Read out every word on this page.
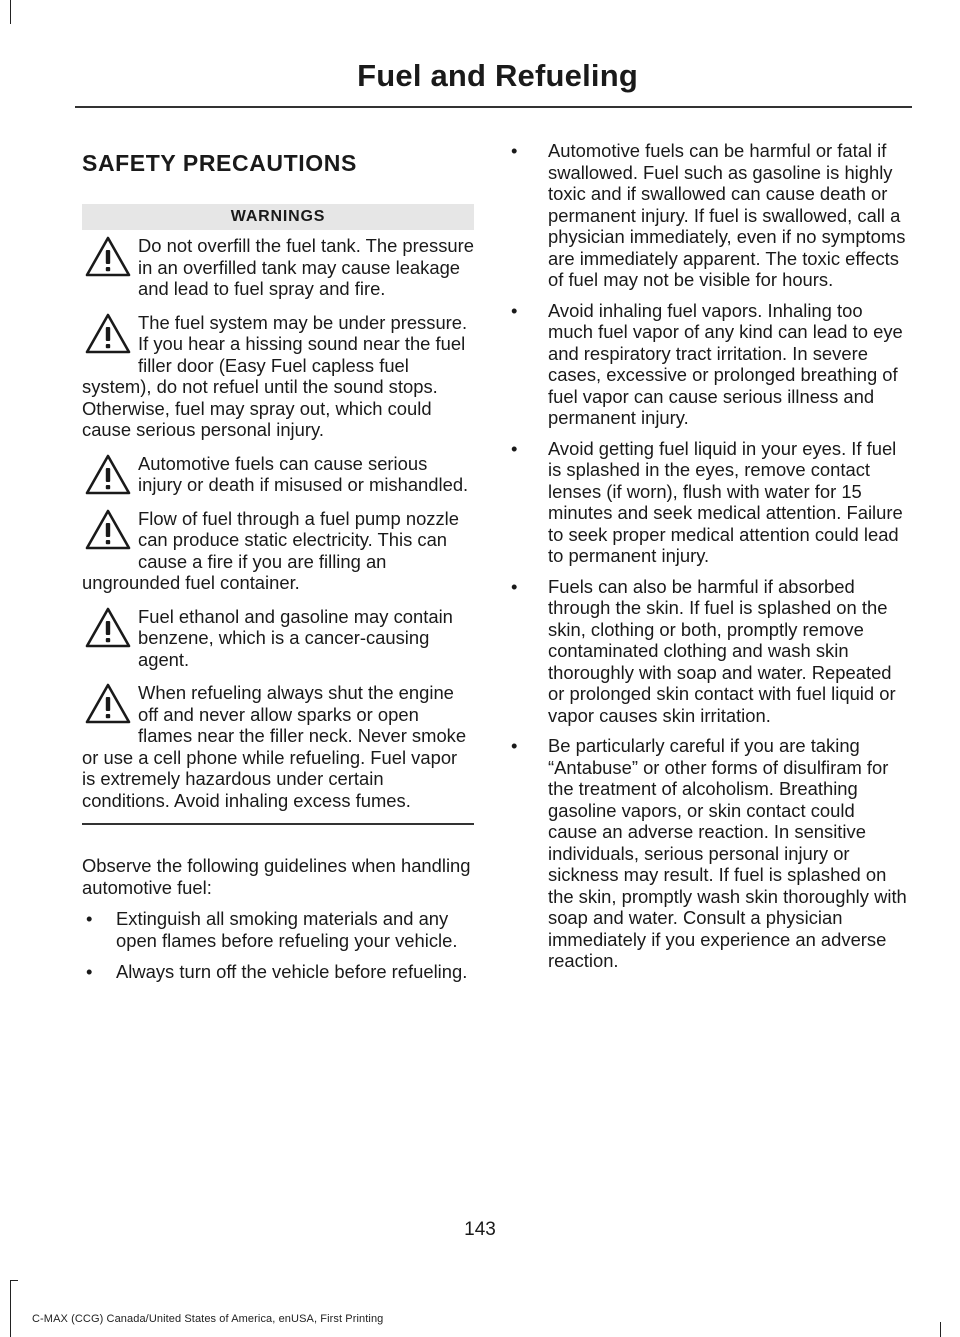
Fuel and Refueling
SAFETY PRECAUTIONS
WARNINGS
Do not overfill the fuel tank. The pressure in an overfilled tank may cause leakage and lead to fuel spray and fire.
The fuel system may be under pressure. If you hear a hissing sound near the fuel filler door (Easy Fuel capless fuel system), do not refuel until the sound stops. Otherwise, fuel may spray out, which could cause serious personal injury.
Automotive fuels can cause serious injury or death if misused or mishandled.
Flow of fuel through a fuel pump nozzle can produce static electricity. This can cause a fire if you are filling an ungrounded fuel container.
Fuel ethanol and gasoline may contain benzene, which is a cancer-causing agent.
When refueling always shut the engine off and never allow sparks or open flames near the filler neck. Never smoke or use a cell phone while refueling. Fuel vapor is extremely hazardous under certain conditions. Avoid inhaling excess fumes.

Observe the following guidelines when handling automotive fuel:

• Extinguish all smoking materials and any open flames before refueling your vehicle.
• Always turn off the vehicle before refueling.
• Automotive fuels can be harmful or fatal if swallowed. Fuel such as gasoline is highly toxic and if swallowed can cause death or permanent injury. If fuel is swallowed, call a physician immediately, even if no symptoms are immediately apparent. The toxic effects of fuel may not be visible for hours.
• Avoid inhaling fuel vapors. Inhaling too much fuel vapor of any kind can lead to eye and respiratory tract irritation. In severe cases, excessive or prolonged breathing of fuel vapor can cause serious illness and permanent injury.
• Avoid getting fuel liquid in your eyes. If fuel is splashed in the eyes, remove contact lenses (if worn), flush with water for 15 minutes and seek medical attention. Failure to seek proper medical attention could lead to permanent injury.
• Fuels can also be harmful if absorbed through the skin. If fuel is splashed on the skin, clothing or both, promptly remove contaminated clothing and wash skin thoroughly with soap and water. Repeated or prolonged skin contact with fuel liquid or vapor causes skin irritation.
• Be particularly careful if you are taking “Antabuse” or other forms of disulfiram for the treatment of alcoholism. Breathing gasoline vapors, or skin contact could cause an adverse reaction. In sensitive individuals, serious personal injury or sickness may result. If fuel is splashed on the skin, promptly wash skin thoroughly with soap and water. Consult a physician immediately if you experience an adverse reaction.
143
C-MAX (CCG) Canada/United States of America, enUSA, First Printing
